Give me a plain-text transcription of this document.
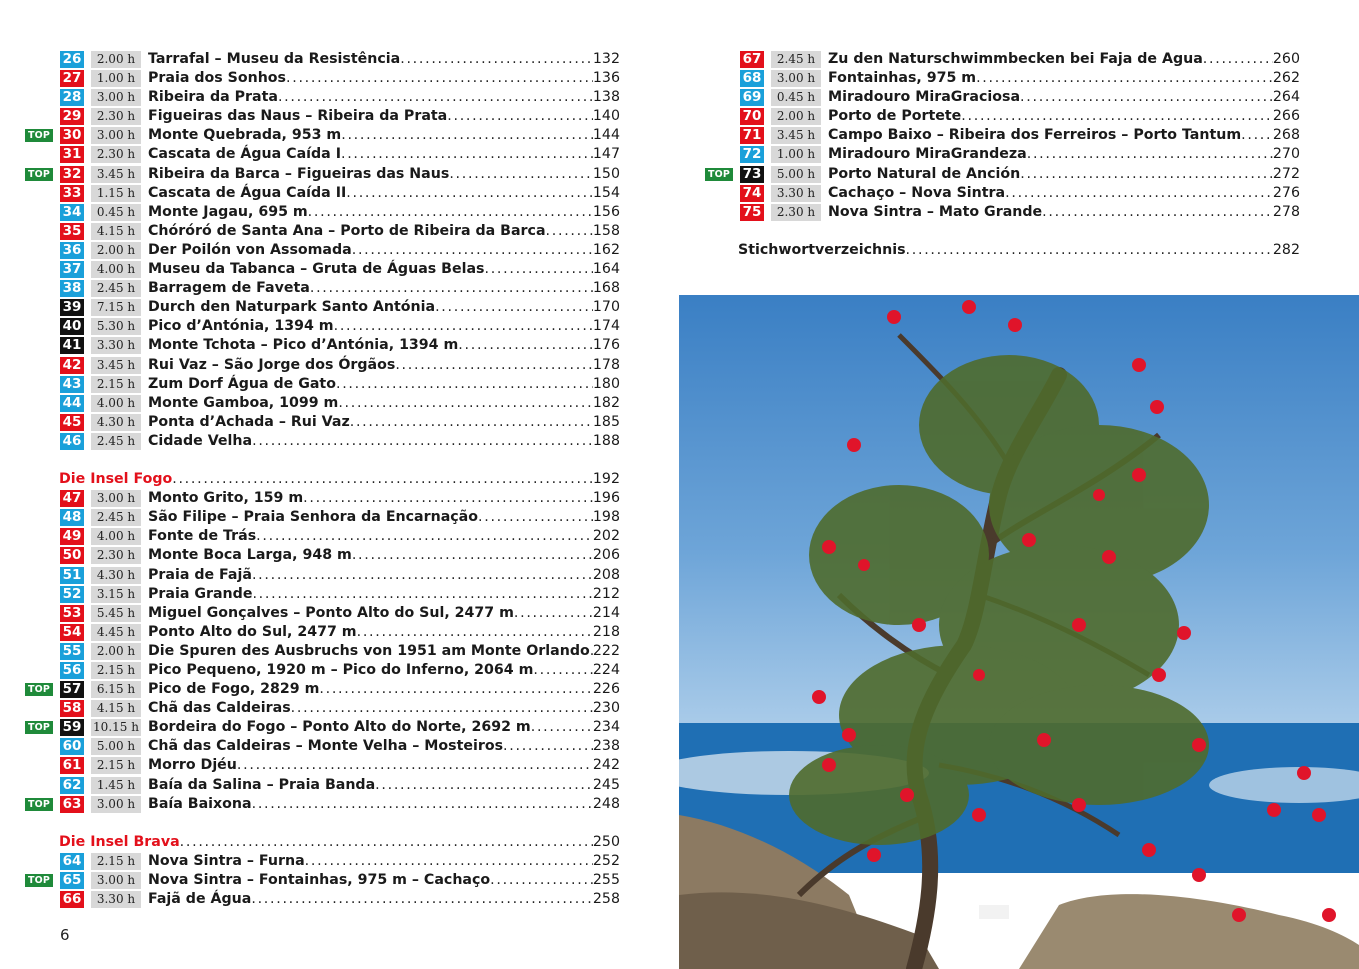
26	2.00 h Tarrafal – Museu da Resistência . . .	132
27	1.00 h Praia dos Sonhos . . .	136
28	3.00 h Ribeira da Prata . . .	138
29	2.30 h Figueiras das Naus – Ribeira da Prata . . .	140
TOP 30	3.00 h Monte Quebrada, 953 m . . .	144
31	2.30 h Cascata de Água Caída I . . .	147
TOP 32	3.45 h Ribeira da Barca – Figueiras das Naus . . .	150
33	1.15 h Cascata de Água Caída II . . .	154
34	0.45 h Monte Jagau, 695 m . . .	156
35	4.15 h Chóróró de Santa Ana – Porto de Ribeira da Barca . . .	158
36	2.00 h Der Poilón von Assomada . . .	162
37	4.00 h Museu da Tabanca – Gruta de Águas Belas . . .	164
38	2.45 h Barragem de Faveta . . .	168
39	7.15 h Durch den Naturpark Santo Antónia . . .	170
40	5.30 h Pico d’Antónia, 1394 m . . .	174
41	3.30 h Monte Tchota – Pico d’Antónia, 1394 m . . .	176
42	3.45 h Rui Vaz – São Jorge dos Órgãos . . .	178
43	2.15 h Zum Dorf Água de Gato . . .	180
44	4.00 h Monte Gamboa, 1099 m . . .	182
45	4.30 h Ponta d’Achada – Rui Vaz . . .	185
46	2.45 h Cidade Velha . . .	188
Die Insel Fogo . . .	192
47	3.00 h Monto Grito, 159 m . . .	196
48	2.45 h São Filipe – Praia Senhora da Encarnação . . .	198
49	4.00 h Fonte de Trás . . .	202
50	2.30 h Monte Boca Larga, 948 m . . .	206
51	4.30 h Praia de Fajã . . .	208
52	3.15 h Praia Grande . . .	212
53	5.45 h Miguel Gonçalves – Ponto Alto do Sul, 2477 m . . .	214
54	4.45 h Ponto Alto do Sul, 2477 m . . .	218
55	2.00 h Die Spuren des Ausbruchs von 1951 am Monte Orlando . . . 222
56	2.15 h Pico Pequeno, 1920 m – Pico do Inferno, 2064 m . . .	224
TOP 57	6.15 h Pico de Fogo, 2829 m . . .	226
58	4.15 h Chã das Caldeiras . . .	230
TOP 59 10.15 h Bordeira do Fogo – Ponto Alto do Norte, 2692 m . . .	234
60	5.00 h Chã das Caldeiras – Monte Velha – Mosteiros . . .	238
61	2.15 h Morro Djéu . . .	242
62	1.45 h Baía da Salina – Praia Banda . . .	245
TOP 63	3.00 h Baía Baixona . . .	248
Die Insel Brava . . .	250
64	2.15 h Nova Sintra – Furna . . .	252
TOP 65	3.00 h Nova Sintra – Fontainhas, 975 m – Cachaço . . .	255
66	3.30 h Fajã de Água . . .	258
67	2.45 h Zu den Naturschwimmbecken bei Faja de Agua . . .	260
68	3.00 h Fontainhas, 975 m . . .	262
69	0.45 h Miradouro MiraGraciosa . . .	264
70	2.00 h Porto de Portete . . .	266
71	3.45 h Campo Baixo – Ribeira dos Ferreiros – Porto Tantum . . . 268
72	1.00 h Miradouro MiraGrandeza . . .	270
TOP 73	5.00 h Porto Natural de Anción . . .	272
74	3.30 h Cachaço – Nova Sintra . . .	276
75	2.30 h Nova Sintra – Mato Grande . . .	278
Stichwortverzeichnis . . .	282
6
